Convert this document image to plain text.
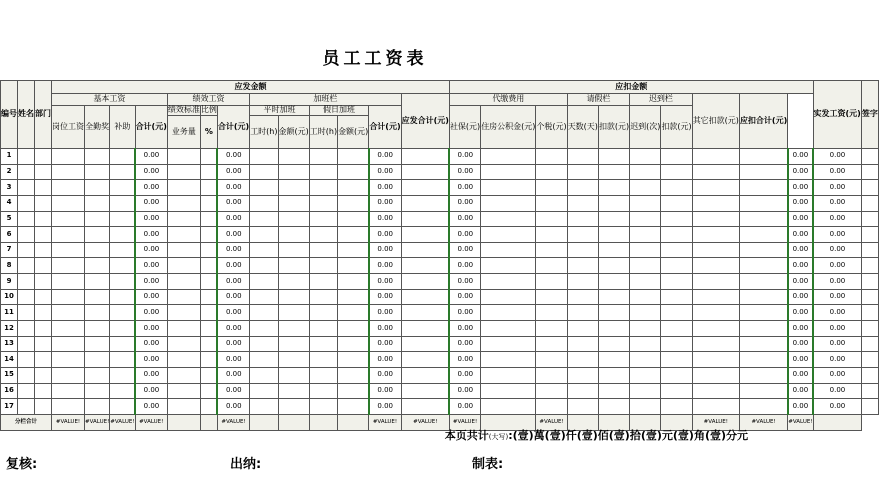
员工工资表
编号	姓名	部门	应发金额													应扣金额										实发工资(元)	签字
			基本工资				绩效工资			加班栏					应发合计(元)	代缴费用			请假栏		迟到栏		其它扣款(元)	应扣合计(元)			
			岗位工资	全勤奖	补助	合计(元)	绩效标准	比例	合计(元)	平时加班		假日加班		合计(元)		社保(元)	住房公积金(元)	个税(元)	天数(天)	扣款(元)	迟到(次)	扣款(元)					
							业务量	%		工时(h)	金额(元)	工时(h)	金额(元)														
1						0.00			0.00					0.00		0.00									0.00	0.00	
2						0.00			0.00					0.00		0.00									0.00	0.00	
3						0.00			0.00					0.00		0.00									0.00	0.00	
4						0.00			0.00					0.00		0.00									0.00	0.00	
5						0.00			0.00					0.00		0.00									0.00	0.00	
6						0.00			0.00					0.00		0.00									0.00	0.00	
7						0.00			0.00					0.00		0.00									0.00	0.00	
8						0.00			0.00					0.00		0.00									0.00	0.00	
9						0.00			0.00					0.00		0.00									0.00	0.00	
10						0.00			0.00					0.00		0.00									0.00	0.00	
11						0.00			0.00					0.00		0.00									0.00	0.00	
12						0.00			0.00					0.00		0.00									0.00	0.00	
13						0.00			0.00					0.00		0.00									0.00	0.00	
14						0.00			0.00					0.00		0.00									0.00	0.00	
15						0.00			0.00					0.00		0.00									0.00	0.00	
16						0.00			0.00					0.00		0.00									0.00	0.00	
17						0.00			0.00					0.00		0.00									0.00	0.00	
分栏合计			#VALUE!	#VALUE!	#VALUE!	#VALUE!			#VALUE!					#VALUE!	#VALUE!	#VALUE!		#VALUE!					#VALUE!	#VALUE!	#VALUE!		
本页共计(大写):(壹)萬(壹)仟(壹)佰(壹)拾(壹)元(壹)角(壹)分元
复核:	出纳:	制表:
